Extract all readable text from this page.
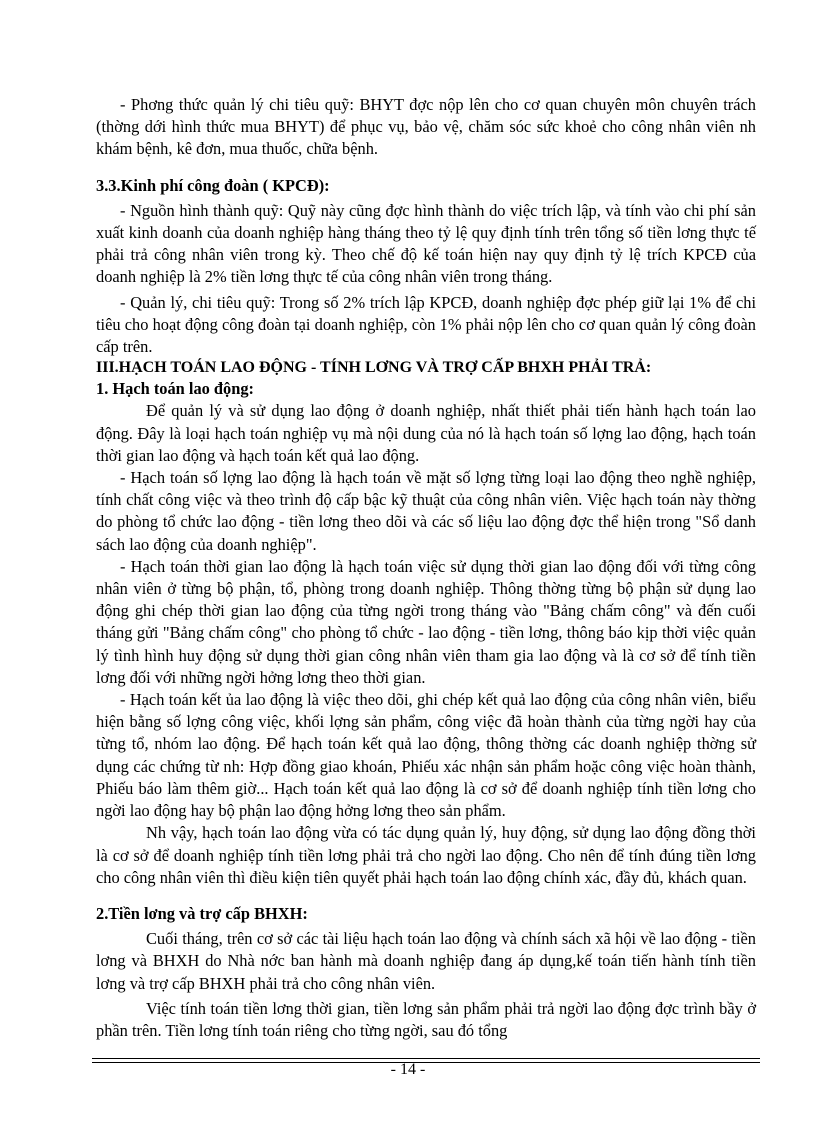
- Phơng thức quản lý chi tiêu quỹ: BHYT đợc nộp lên cho cơ quan chuyên môn chuyên trách (thờng dới hình thức mua BHYT) để phục vụ, bảo vệ, chăm sóc sức khoẻ cho công nhân viên nh khám bệnh, kê đơn, mua thuốc, chữa bệnh.

3.3.Kinh phí công đoàn ( KPCĐ):

- Nguồn hình thành quỹ: Quỹ này cũng đợc hình thành do việc trích lập, và tính vào chi phí sản xuất kinh doanh của doanh nghiệp hàng tháng theo tỷ lệ quy định tính trên tổng số tiền lơng thực tế phải trả công nhân viên trong kỳ. Theo chế độ kế toán hiện nay quy định tỷ lệ trích KPCĐ của doanh nghiệp là 2% tiền lơng thực tế của công nhân viên trong tháng.

- Quản lý, chi tiêu quỹ: Trong số 2% trích lập KPCĐ, doanh nghiệp đợc phép giữ lại 1% để chi tiêu cho hoạt động công đoàn tại doanh nghiệp, còn 1% phải nộp lên cho cơ quan quản lý công đoàn cấp trên.

III.HẠCH TOÁN LAO ĐỘNG - TÍNH LƠNG VÀ TRỢ CẤP BHXH PHẢI TRẢ:

1. Hạch toán lao động:

Để quản lý và sử dụng lao động ở doanh nghiệp, nhất thiết phải tiến hành hạch toán lao động. Đây là loại hạch toán nghiệp vụ mà nội dung của nó là hạch toán số lợng lao động, hạch toán thời gian lao động và hạch toán kết quả lao động.

- Hạch toán số lợng lao động là hạch toán về mặt số lợng từng loại lao động theo nghề nghiệp, tính chất công việc và theo trình độ cấp bậc kỹ thuật của công nhân viên. Việc hạch toán này thờng do phòng tổ chức lao động - tiền lơng theo dõi và các số liệu lao động đợc thể hiện trong "Sổ danh sách lao động của doanh nghiệp".

- Hạch toán thời gian lao động là hạch toán việc sử dụng thời gian lao động đối với từng công nhân viên ở từng bộ phận, tổ, phòng trong doanh nghiệp. Thông thờng từng bộ phận sử dụng lao động ghi chép thời gian lao động của từng ngời trong tháng vào "Bảng chấm công" và đến cuối tháng gửi "Bảng chấm công" cho phòng tổ chức - lao động - tiền lơng, thông báo kịp thời việc quản lý tình hình huy động sử dụng thời gian công nhân viên tham gia lao động và là cơ sở để tính tiền lơng đối với những ngời hởng lơng theo thời gian.

- Hạch toán kết ủa lao động là việc theo dõi, ghi chép kết quả lao động của công nhân viên, biểu hiện bằng số lợng công việc, khối lợng sản phẩm, công việc đã hoàn thành của từng ngời hay của từng tổ, nhóm lao động. Để hạch toán kết quả lao động, thông thờng các doanh nghiệp thờng sử dụng các chứng từ nh: Hợp đồng giao khoán, Phiếu xác nhận sản phẩm hoặc công việc hoàn thành, Phiếu báo làm thêm giờ... Hạch toán kết quả lao động là cơ sở để doanh nghiệp tính tiền lơng cho ngời lao động hay bộ phận lao động hởng lơng theo sản phẩm.

Nh vậy, hạch toán lao động vừa có tác dụng quản lý, huy động, sử dụng lao động đồng thời là cơ sở để doanh nghiệp tính tiền lơng phải trả cho ngời lao động. Cho nên để tính đúng tiền lơng cho công nhân viên thì điều kiện tiên quyết phải hạch toán lao động chính xác, đầy đủ, khách quan.

2.Tiền lơng và trợ cấp BHXH:

Cuối tháng, trên cơ sở các tài liệu hạch toán lao động và chính sách xã hội về lao động - tiền lơng và BHXH do Nhà nớc ban hành mà doanh nghiệp đang áp dụng,kế toán tiến hành tính tiền lơng và trợ cấp BHXH phải trả cho công nhân viên.

Việc tính toán tiền lơng thời gian, tiền lơng sản phẩm phải trả ngời lao động đợc trình bầy ở phần trên. Tiền lơng tính toán riêng cho từng ngời, sau đó tổng

- 14 -
